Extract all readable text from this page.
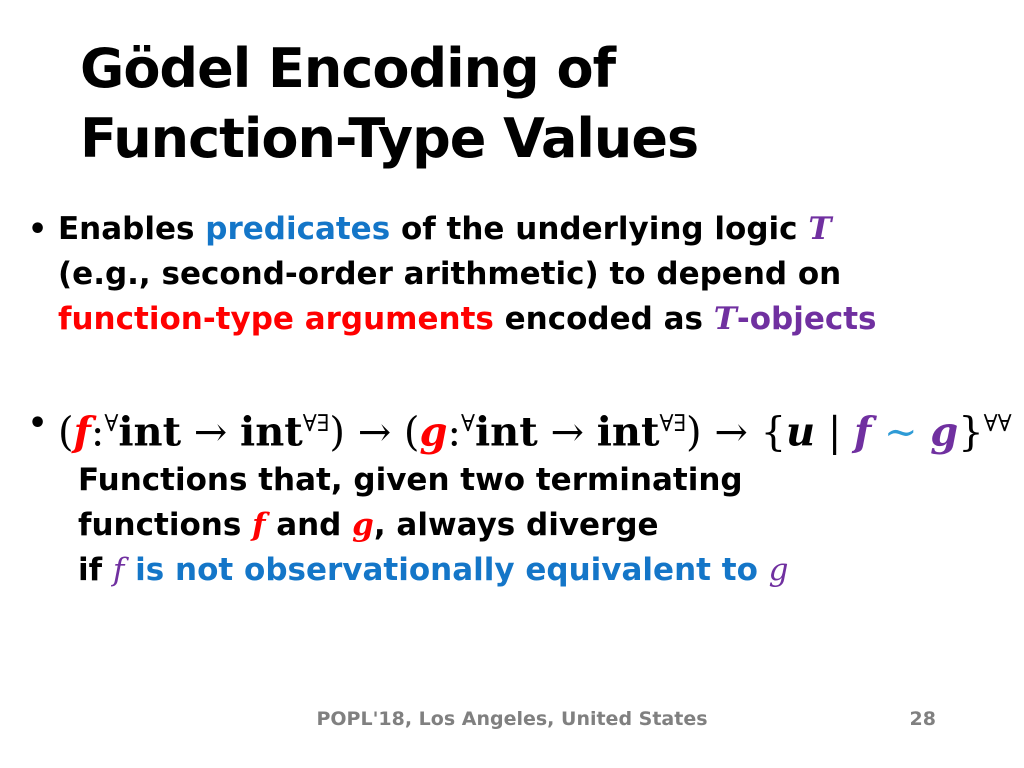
Gödel Encoding of
Function-Type Values
• Enables predicates of the underlying logic T
(e.g., second-order arithmetic) to depend on
function-type arguments encoded as T-objects
• (f:∀int → int∀∃) → (g:∀int → int∀∃) → {u | f ∼ g}∀∀
Functions that, given two terminating
functions f and g, always diverge
if f is not observationally equivalent to g
POPL'18, Los Angeles, United States	28
